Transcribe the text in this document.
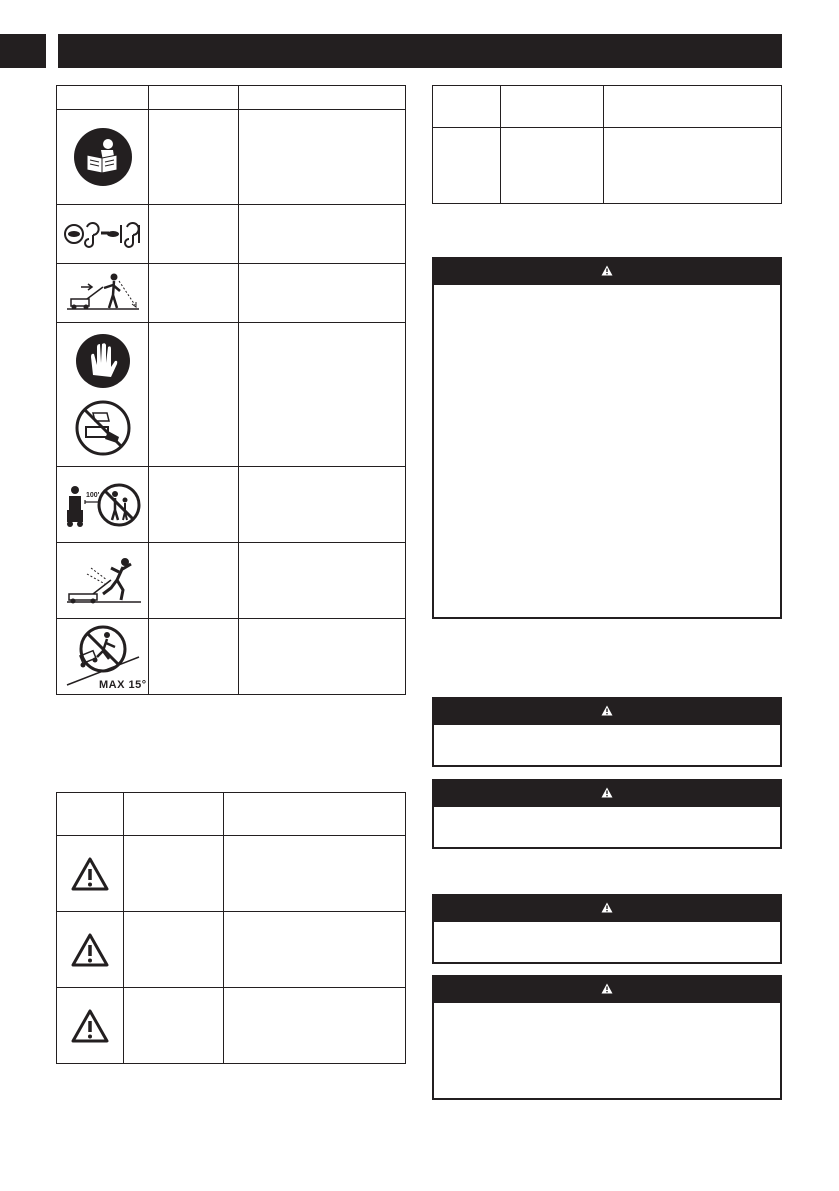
100'
MAX 15°
